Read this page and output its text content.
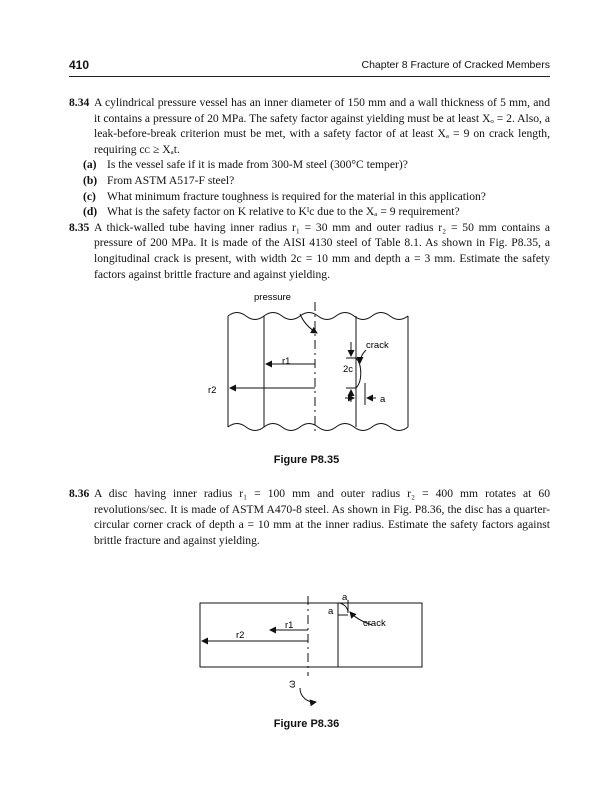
410	Chapter 8 Fracture of Cracked Members
8.34 A cylindrical pressure vessel has an inner diameter of 150 mm and a wall thickness of 5 mm, and it contains a pressure of 20 MPa. The safety factor against yielding must be at least Xₒ = 2. Also, a leak-before-break criterion must be met, with a safety factor of at least Xₐ = 9 on crack length, requiring cᴄ ≥ Xₐt.
(a) Is the vessel safe if it is made from 300-M steel (300°C temper)?
(b) From ASTM A517-F steel?
(c) What minimum fracture toughness is required for the material in this application?
(d) What is the safety factor on K relative to Kᴵc due to the Xₐ = 9 requirement?
8.35 A thick-walled tube having inner radius r₁ = 30 mm and outer radius r₂ = 50 mm contains a pressure of 200 MPa. It is made of the AISI 4130 steel of Table 8.1. As shown in Fig. P8.35, a longitudinal crack is present, with width 2c = 10 mm and depth a = 3 mm. Estimate the safety factors against brittle fracture and against yielding.
pressure
crack
r1
r2
2c
a
Figure P8.35
8.36 A disc having inner radius r₁ = 100 mm and outer radius r₂ = 400 mm rotates at 60 revolutions/sec. It is made of ASTM A470-8 steel. As shown in Fig. P8.36, the disc has a quarter-circular corner crack of depth a = 10 mm at the inner radius. Estimate the safety factors against brittle fracture and against yielding.
a
a
crack
r1
r2
ω
Figure P8.36
